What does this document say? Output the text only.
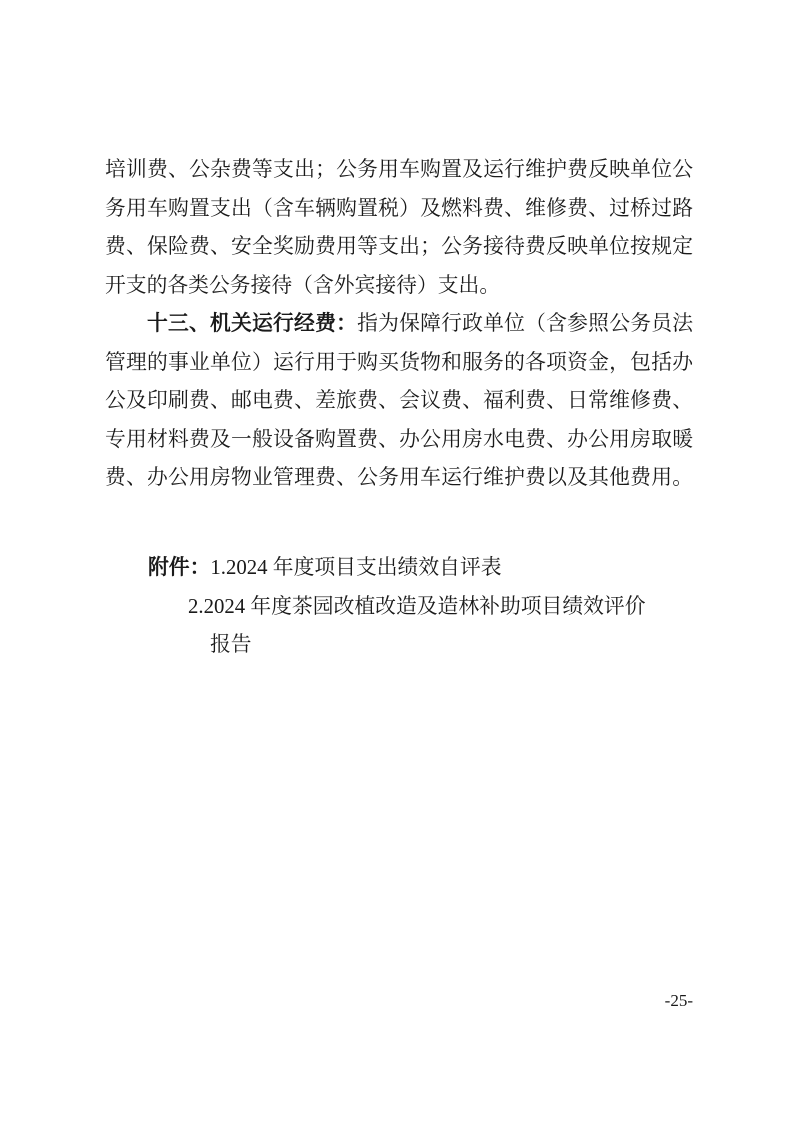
培训费、公杂费等支出；公务用车购置及运行维护费反映单位公
务用车购置支出（含车辆购置税）及燃料费、维修费、过桥过路
费、保险费、安全奖励费用等支出；公务接待费反映单位按规定
开支的各类公务接待（含外宾接待）支出。
十三、机关运行经费：指为保障行政单位（含参照公务员法
管理的事业单位）运行用于购买货物和服务的各项资金，包括办
公及印刷费、邮电费、差旅费、会议费、福利费、日常维修费、
专用材料费及一般设备购置费、办公用房水电费、办公用房取暖
费、办公用房物业管理费、公务用车运行维护费以及其他费用。
附件：1.2024 年度项目支出绩效自评表
2.2024 年度茶园改植改造及造林补助项目绩效评价
报告
-25-
